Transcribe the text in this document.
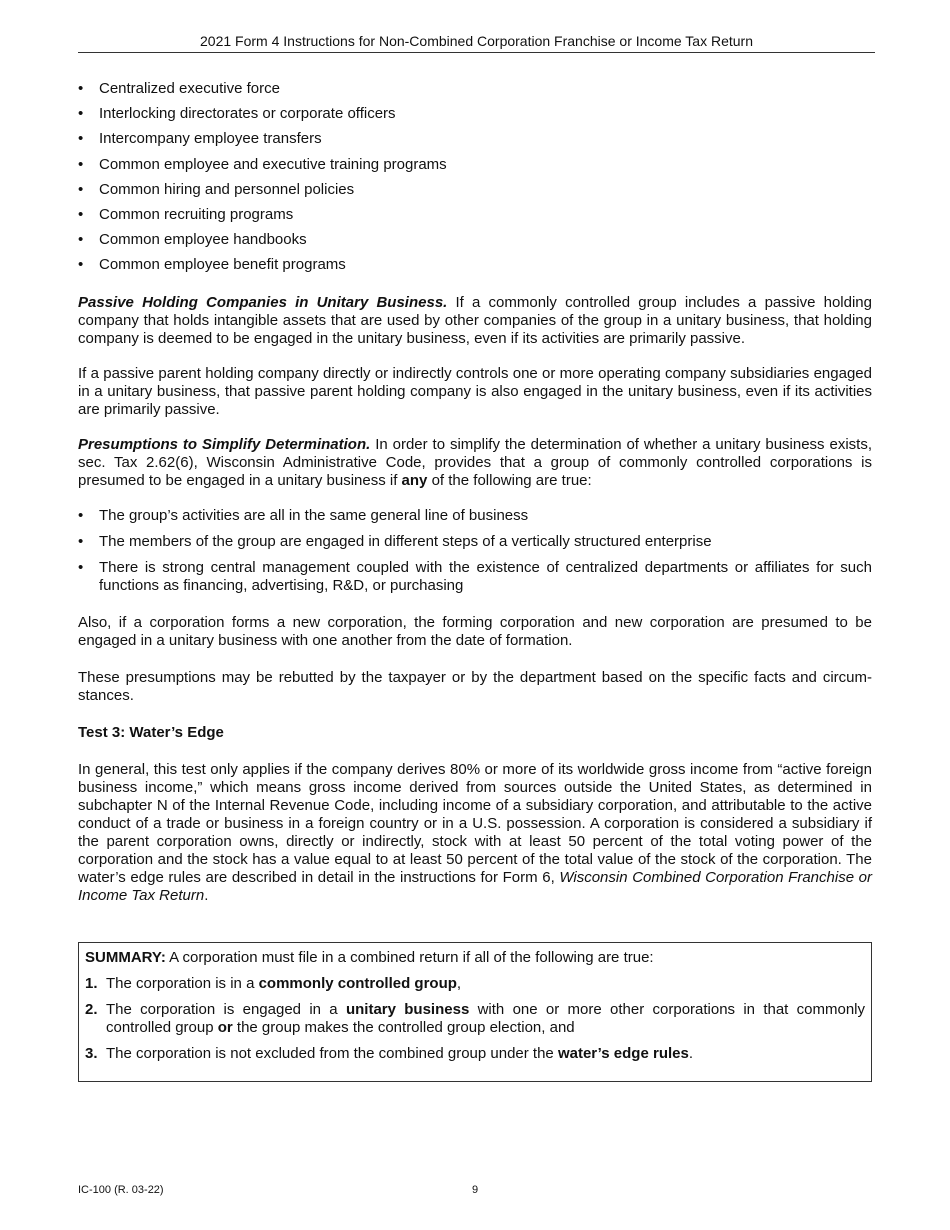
2021 Form 4 Instructions for Non-Combined Corporation Franchise or Income Tax Return
• Centralized executive force
• Interlocking directorates or corporate officers
• Intercompany employee transfers
• Common employee and executive training programs
• Common hiring and personnel policies
• Common recruiting programs
• Common employee handbooks
• Common employee benefit programs

Passive Holding Companies in Unitary Business. If a commonly controlled group includes a passive holding company that holds intangible assets that are used by other companies of the group in a unitary business, that holding company is deemed to be engaged in the unitary business, even if its activities are primarily passive.

If a passive parent holding company directly or indirectly controls one or more operating company subsidiaries engaged in a unitary business, that passive parent holding company is also engaged in the unitary business, even if its activities are primarily passive.

Presumptions to Simplify Determination. In order to simplify the determination of whether a unitary business exists, sec. Tax 2.62(6), Wisconsin Administrative Code, provides that a group of commonly controlled corporations is presumed to be engaged in a unitary business if any of the following are true:

• The group’s activities are all in the same general line of business
• The members of the group are engaged in different steps of a vertically structured enterprise
• There is strong central management coupled with the existence of centralized departments or affiliates for such functions as financing, advertising, R&D, or purchasing

Also, if a corporation forms a new corporation, the forming corporation and new corporation are presumed to be engaged in a unitary business with one another from the date of formation.

These presumptions may be rebutted by the taxpayer or by the department based on the specific facts and circumstances.

Test 3: Water’s Edge

In general, this test only applies if the company derives 80% or more of its worldwide gross income from “active foreign business income,” which means gross income derived from sources outside the United States, as determined in subchapter N of the Internal Revenue Code, including income of a subsidiary corporation, and attributable to the active conduct of a trade or business in a foreign country or in a U.S. possession. A corporation is considered a subsidiary if the parent corporation owns, directly or indirectly, stock with at least 50 percent of the total voting power of the corporation and the stock has a value equal to at least 50 percent of the total value of the stock of the corporation. The water’s edge rules are described in detail in the instructions for Form 6, Wisconsin Combined Corporation Franchise or Income Tax Return.

SUMMARY: A corporation must file in a combined return if all of the following are true:

1. The corporation is in a commonly controlled group,
2. The corporation is engaged in a unitary business with one or more other corporations in that commonly controlled group or the group makes the controlled group election, and
3. The corporation is not excluded from the combined group under the water’s edge rules.
IC-100 (R. 03-22)	9
